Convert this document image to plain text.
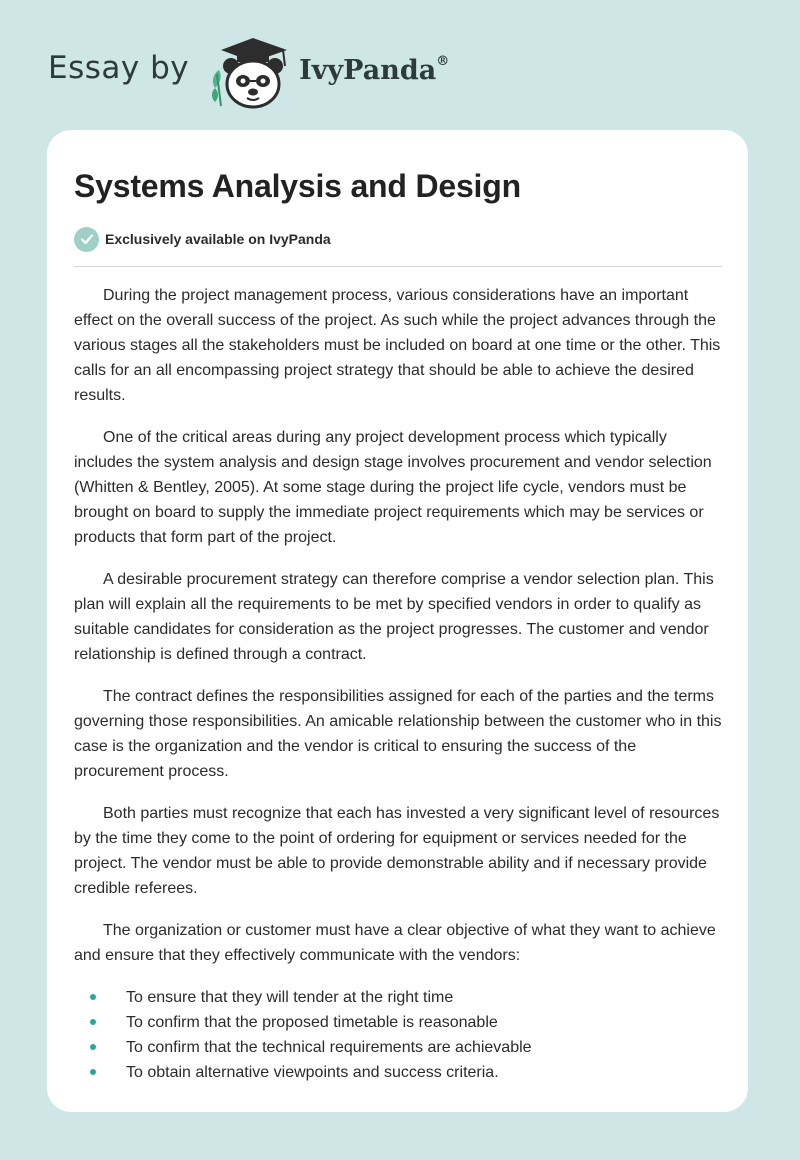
Essay by	IvyPanda®
Systems Analysis and Design
Exclusively available on IvyPanda

During the project management process, various considerations have an important effect on the overall success of the project. As such while the project advances through the various stages all the stakeholders must be included on board at one time or the other. This calls for an all encompassing project strategy that should be able to achieve the desired results.

One of the critical areas during any project development process which typically includes the system analysis and design stage involves procurement and vendor selection (Whitten & Bentley, 2005). At some stage during the project life cycle, vendors must be brought on board to supply the immediate project requirements which may be services or products that form part of the project.

A desirable procurement strategy can therefore comprise a vendor selection plan. This plan will explain all the requirements to be met by specified vendors in order to qualify as suitable candidates for consideration as the project progresses. The customer and vendor relationship is defined through a contract.

The contract defines the responsibilities assigned for each of the parties and the terms governing those responsibilities. An amicable relationship between the customer who in this case is the organization and the vendor is critical to ensuring the success of the procurement process.

Both parties must recognize that each has invested a very significant level of resources by the time they come to the point of ordering for equipment or services needed for the project. The vendor must be able to provide demonstrable ability and if necessary provide credible referees.

The organization or customer must have a clear objective of what they want to achieve and ensure that they effectively communicate with the vendors:

To ensure that they will tender at the right time
To confirm that the proposed timetable is reasonable
To confirm that the technical requirements are achievable
To obtain alternative viewpoints and success criteria.
